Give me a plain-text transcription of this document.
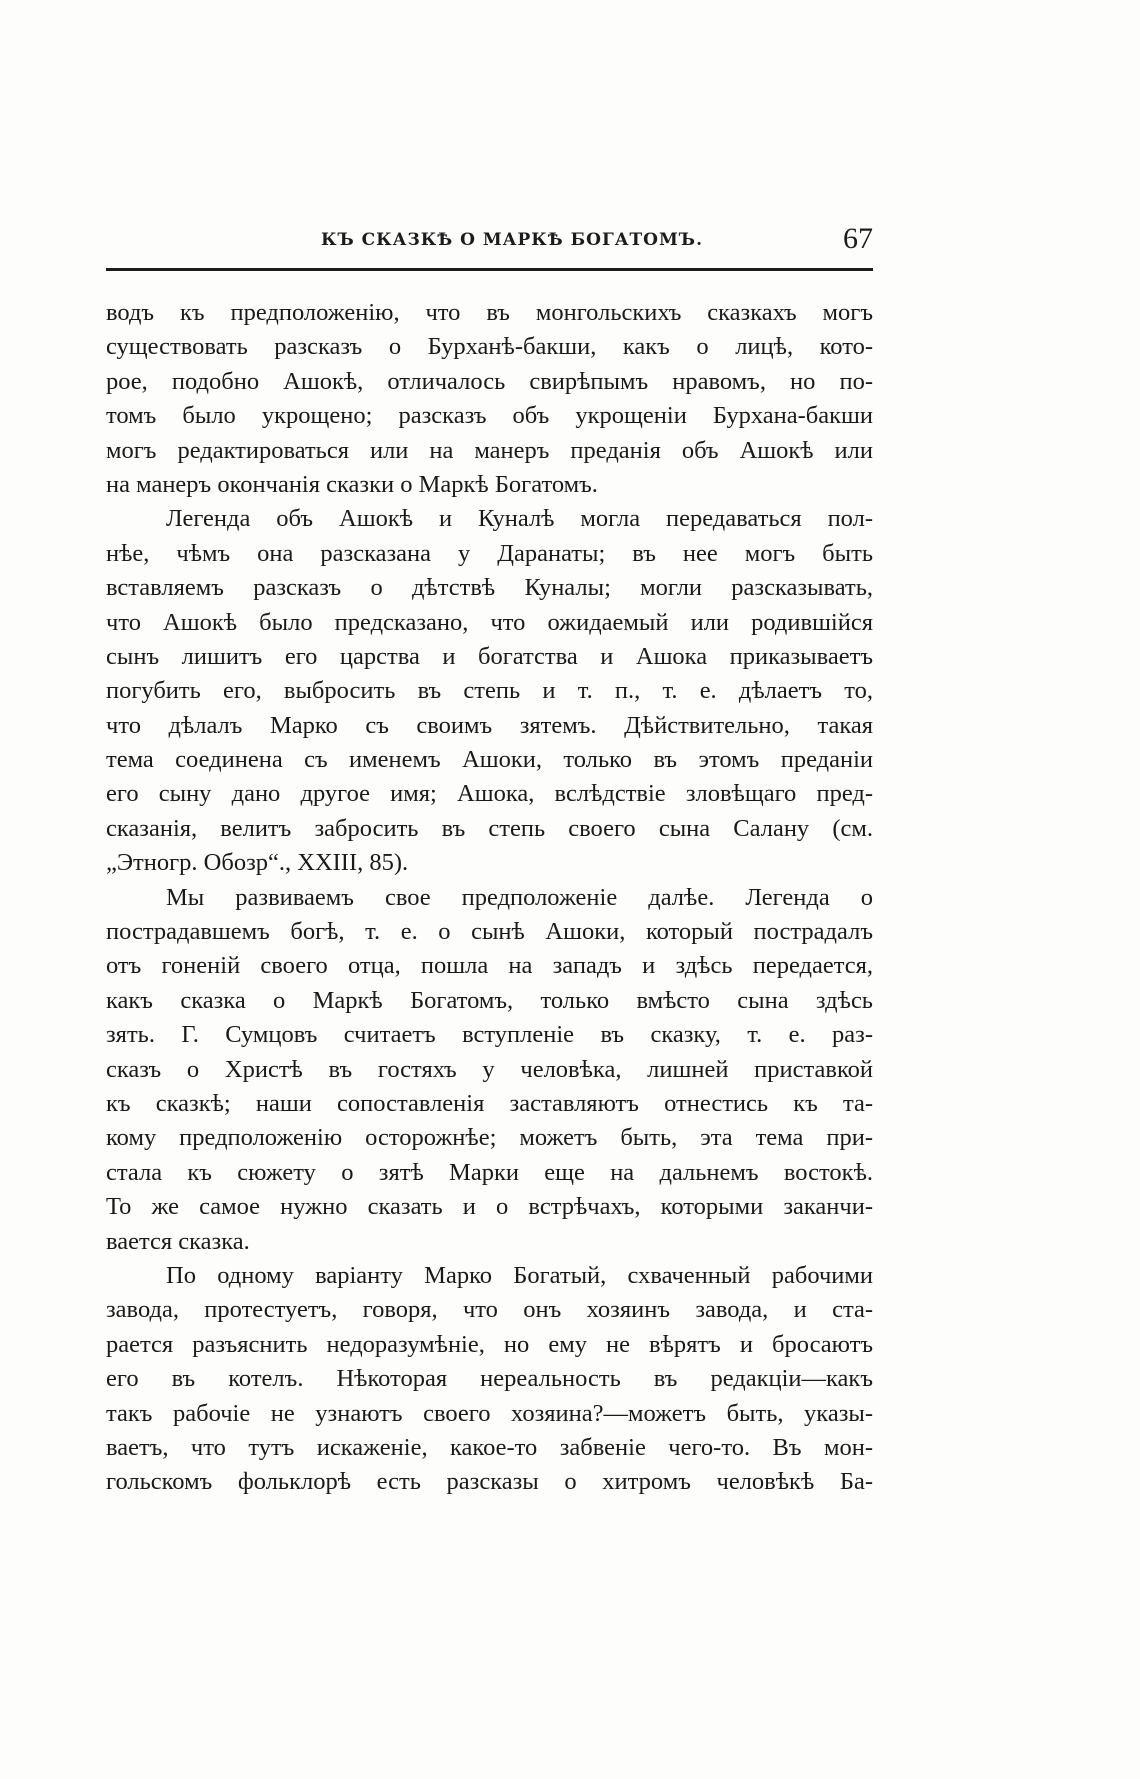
КЪ СКАЗКѢ О МАРКѢ БОГАТОМЪ.	67

водъ къ предположенію, что въ монгольскихъ сказкахъ могъ
существовать разсказъ о Бурханѣ-бакши, какъ о лицѣ, кото-
рое, подобно Ашокѣ, отличалось свирѣпымъ нравомъ, но по-
томъ было укрощено; разсказъ объ укрощеніи Бурхана-бакши
могъ редактироваться или на манеръ преданія объ Ашокѣ или
на манеръ окончанія сказки о Маркѣ Богатомъ.

Легенда объ Ашокѣ и Куналѣ могла передаваться пол-
нѣе, чѣмъ она разсказана у Даранаты; въ нее могъ быть
вставляемъ разсказъ о дѣтствѣ Куналы; могли разсказывать,
что Ашокѣ было предсказано, что ожидаемый или родившійся
сынъ лишитъ его царства и богатства и Ашока приказываетъ
погубить его, выбросить въ степь и т. п., т. е. дѣлаетъ то,
что дѣлалъ Марко съ своимъ зятемъ. Дѣйствительно, такая
тема соединена съ именемъ Ашоки, только въ этомъ преданіи
его сыну дано другое имя; Ашока, вслѣдствіе зловѣщаго пред-
сказанія, велитъ забросить въ степь своего сына Салану (см.
„Этногр. Обозр“., XXIII, 85).

Мы развиваемъ свое предположеніе далѣе. Легенда о
пострадавшемъ богѣ, т. е. о сынѣ Ашоки, который пострадалъ
отъ гоненій своего отца, пошла на западъ и здѣсь передается,
какъ сказка о Маркѣ Богатомъ, только вмѣсто сына здѣсь
зять. Г. Сумцовъ считаетъ вступленіе въ сказку, т. е. раз-
сказъ о Христѣ въ гостяхъ у человѣка, лишней приставкой
къ сказкѣ; наши сопоставленія заставляютъ отнестись къ та-
кому предположенію осторожнѣе; можетъ быть, эта тема при-
стала къ сюжету о зятѣ Марки еще на дальнемъ востокѣ.
То же самое нужно сказать и о встрѣчахъ, которыми заканчи-
вается сказка.

По одному варіанту Марко Богатый, схваченный рабочими
завода, протестуетъ, говоря, что онъ хозяинъ завода, и ста-
рается разъяснить недоразумѣніе, но ему не вѣрятъ и бросаютъ
его въ котелъ. Нѣкоторая нереальность въ редакціи—какъ
такъ рабочіе не узнаютъ своего хозяина?—можетъ быть, указы-
ваетъ, что тутъ искаженіе, какое-то забвеніе чего-то. Въ мон-
гольскомъ фольклорѣ есть разсказы о хитромъ человѣкѣ Ба-
